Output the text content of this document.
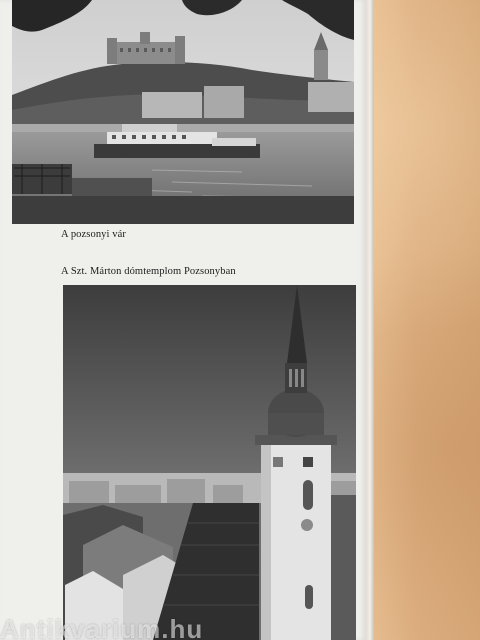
A pozsonyi vár
A Szt. Márton dómtemplom Pozsonyban
Antikvarium.hu
